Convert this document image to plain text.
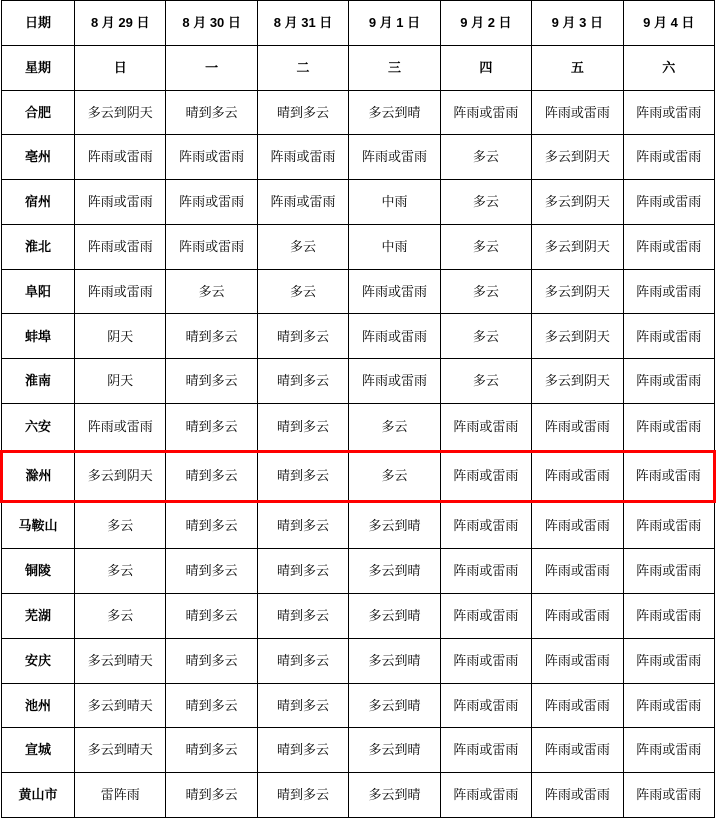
日期	8 月 29 日	8 月 30 日	8 月 31 日	9 月 1 日	9 月 2 日	9 月 3 日	9 月 4 日
星期	日	一	二	三	四	五	六
合肥	多云到阴天	晴到多云	晴到多云	多云到晴	阵雨或雷雨	阵雨或雷雨	阵雨或雷雨
亳州	阵雨或雷雨	阵雨或雷雨	阵雨或雷雨	阵雨或雷雨	多云	多云到阴天	阵雨或雷雨
宿州	阵雨或雷雨	阵雨或雷雨	阵雨或雷雨	中雨	多云	多云到阴天	阵雨或雷雨
淮北	阵雨或雷雨	阵雨或雷雨	多云	中雨	多云	多云到阴天	阵雨或雷雨
阜阳	阵雨或雷雨	多云	多云	阵雨或雷雨	多云	多云到阴天	阵雨或雷雨
蚌埠	阴天	晴到多云	晴到多云	阵雨或雷雨	多云	多云到阴天	阵雨或雷雨
淮南	阴天	晴到多云	晴到多云	阵雨或雷雨	多云	多云到阴天	阵雨或雷雨
六安	阵雨或雷雨	晴到多云	晴到多云	多云	阵雨或雷雨	阵雨或雷雨	阵雨或雷雨
滁州	多云到阴天	晴到多云	晴到多云	多云	阵雨或雷雨	阵雨或雷雨	阵雨或雷雨
马鞍山	多云	晴到多云	晴到多云	多云到晴	阵雨或雷雨	阵雨或雷雨	阵雨或雷雨
铜陵	多云	晴到多云	晴到多云	多云到晴	阵雨或雷雨	阵雨或雷雨	阵雨或雷雨
芜湖	多云	晴到多云	晴到多云	多云到晴	阵雨或雷雨	阵雨或雷雨	阵雨或雷雨
安庆	多云到晴天	晴到多云	晴到多云	多云到晴	阵雨或雷雨	阵雨或雷雨	阵雨或雷雨
池州	多云到晴天	晴到多云	晴到多云	多云到晴	阵雨或雷雨	阵雨或雷雨	阵雨或雷雨
宣城	多云到晴天	晴到多云	晴到多云	多云到晴	阵雨或雷雨	阵雨或雷雨	阵雨或雷雨
黄山市	雷阵雨	晴到多云	晴到多云	多云到晴	阵雨或雷雨	阵雨或雷雨	阵雨或雷雨
